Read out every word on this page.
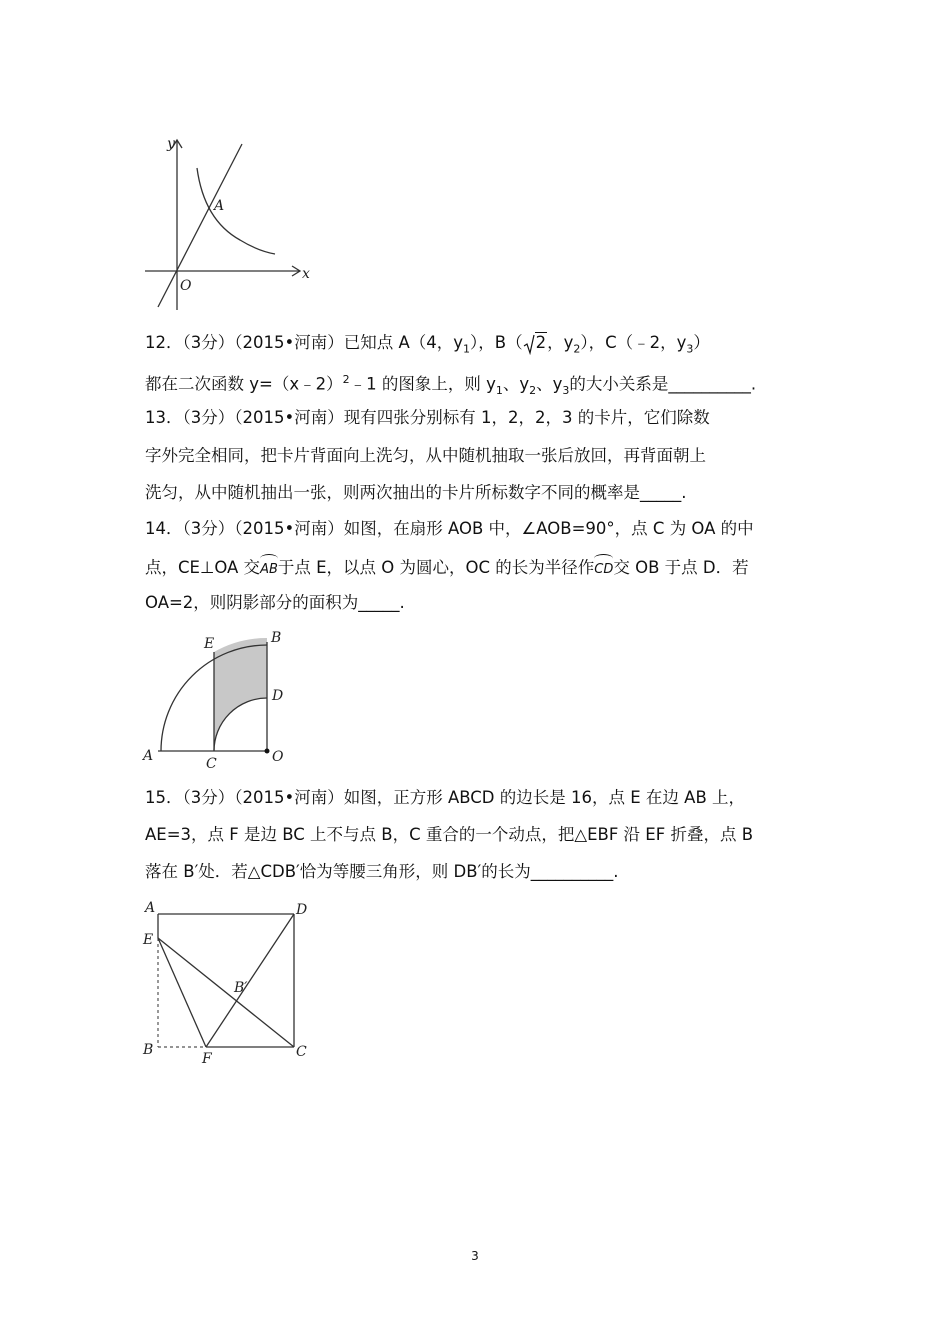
y
x
O
A
12．（3分）（2015•河南）已知点 A（4，$y_1$），B（ 2，$y_2$），C（﹣2，$y_3$）
都在二次函数 y=（x﹣2）$^2$﹣1 的图象上，则 $y_1$、$y_2$、$y_3$的大小关系是__________.
13．（3分）（2015•河南）现有四张分别标有 1，2，2，3 的卡片，它们除数
字外完全相同，把卡片背面向上洗匀，从中随机抽取一张后放回，再背面朝上
洗匀，从中随机抽出一张，则两次抽出的卡片所标数字不同的概率是_____.
14．（3分）（2015•河南）如图，在扇形 AOB 中，∠AOB=90°，点 C 为 OA 的中
点，CE⊥OA 交AB于点 E，以点 O 为圆心，OC 的长为半径作CD交 OB 于点 D．若
OA=2，则阴影部分的面积为_____.
E	B
D
A	C	O
15．（3分）（2015•河南）如图，正方形 ABCD 的边长是 16，点 E 在边 AB 上，
AE=3，点 F 是边 BC 上不与点 B，C 重合的一个动点，把△EBF 沿 EF 折叠，点 B
落在 B′处．若△CDB′恰为等腰三角形，则 DB′的长为__________.
A	D
E
B′
B
F	C
3
